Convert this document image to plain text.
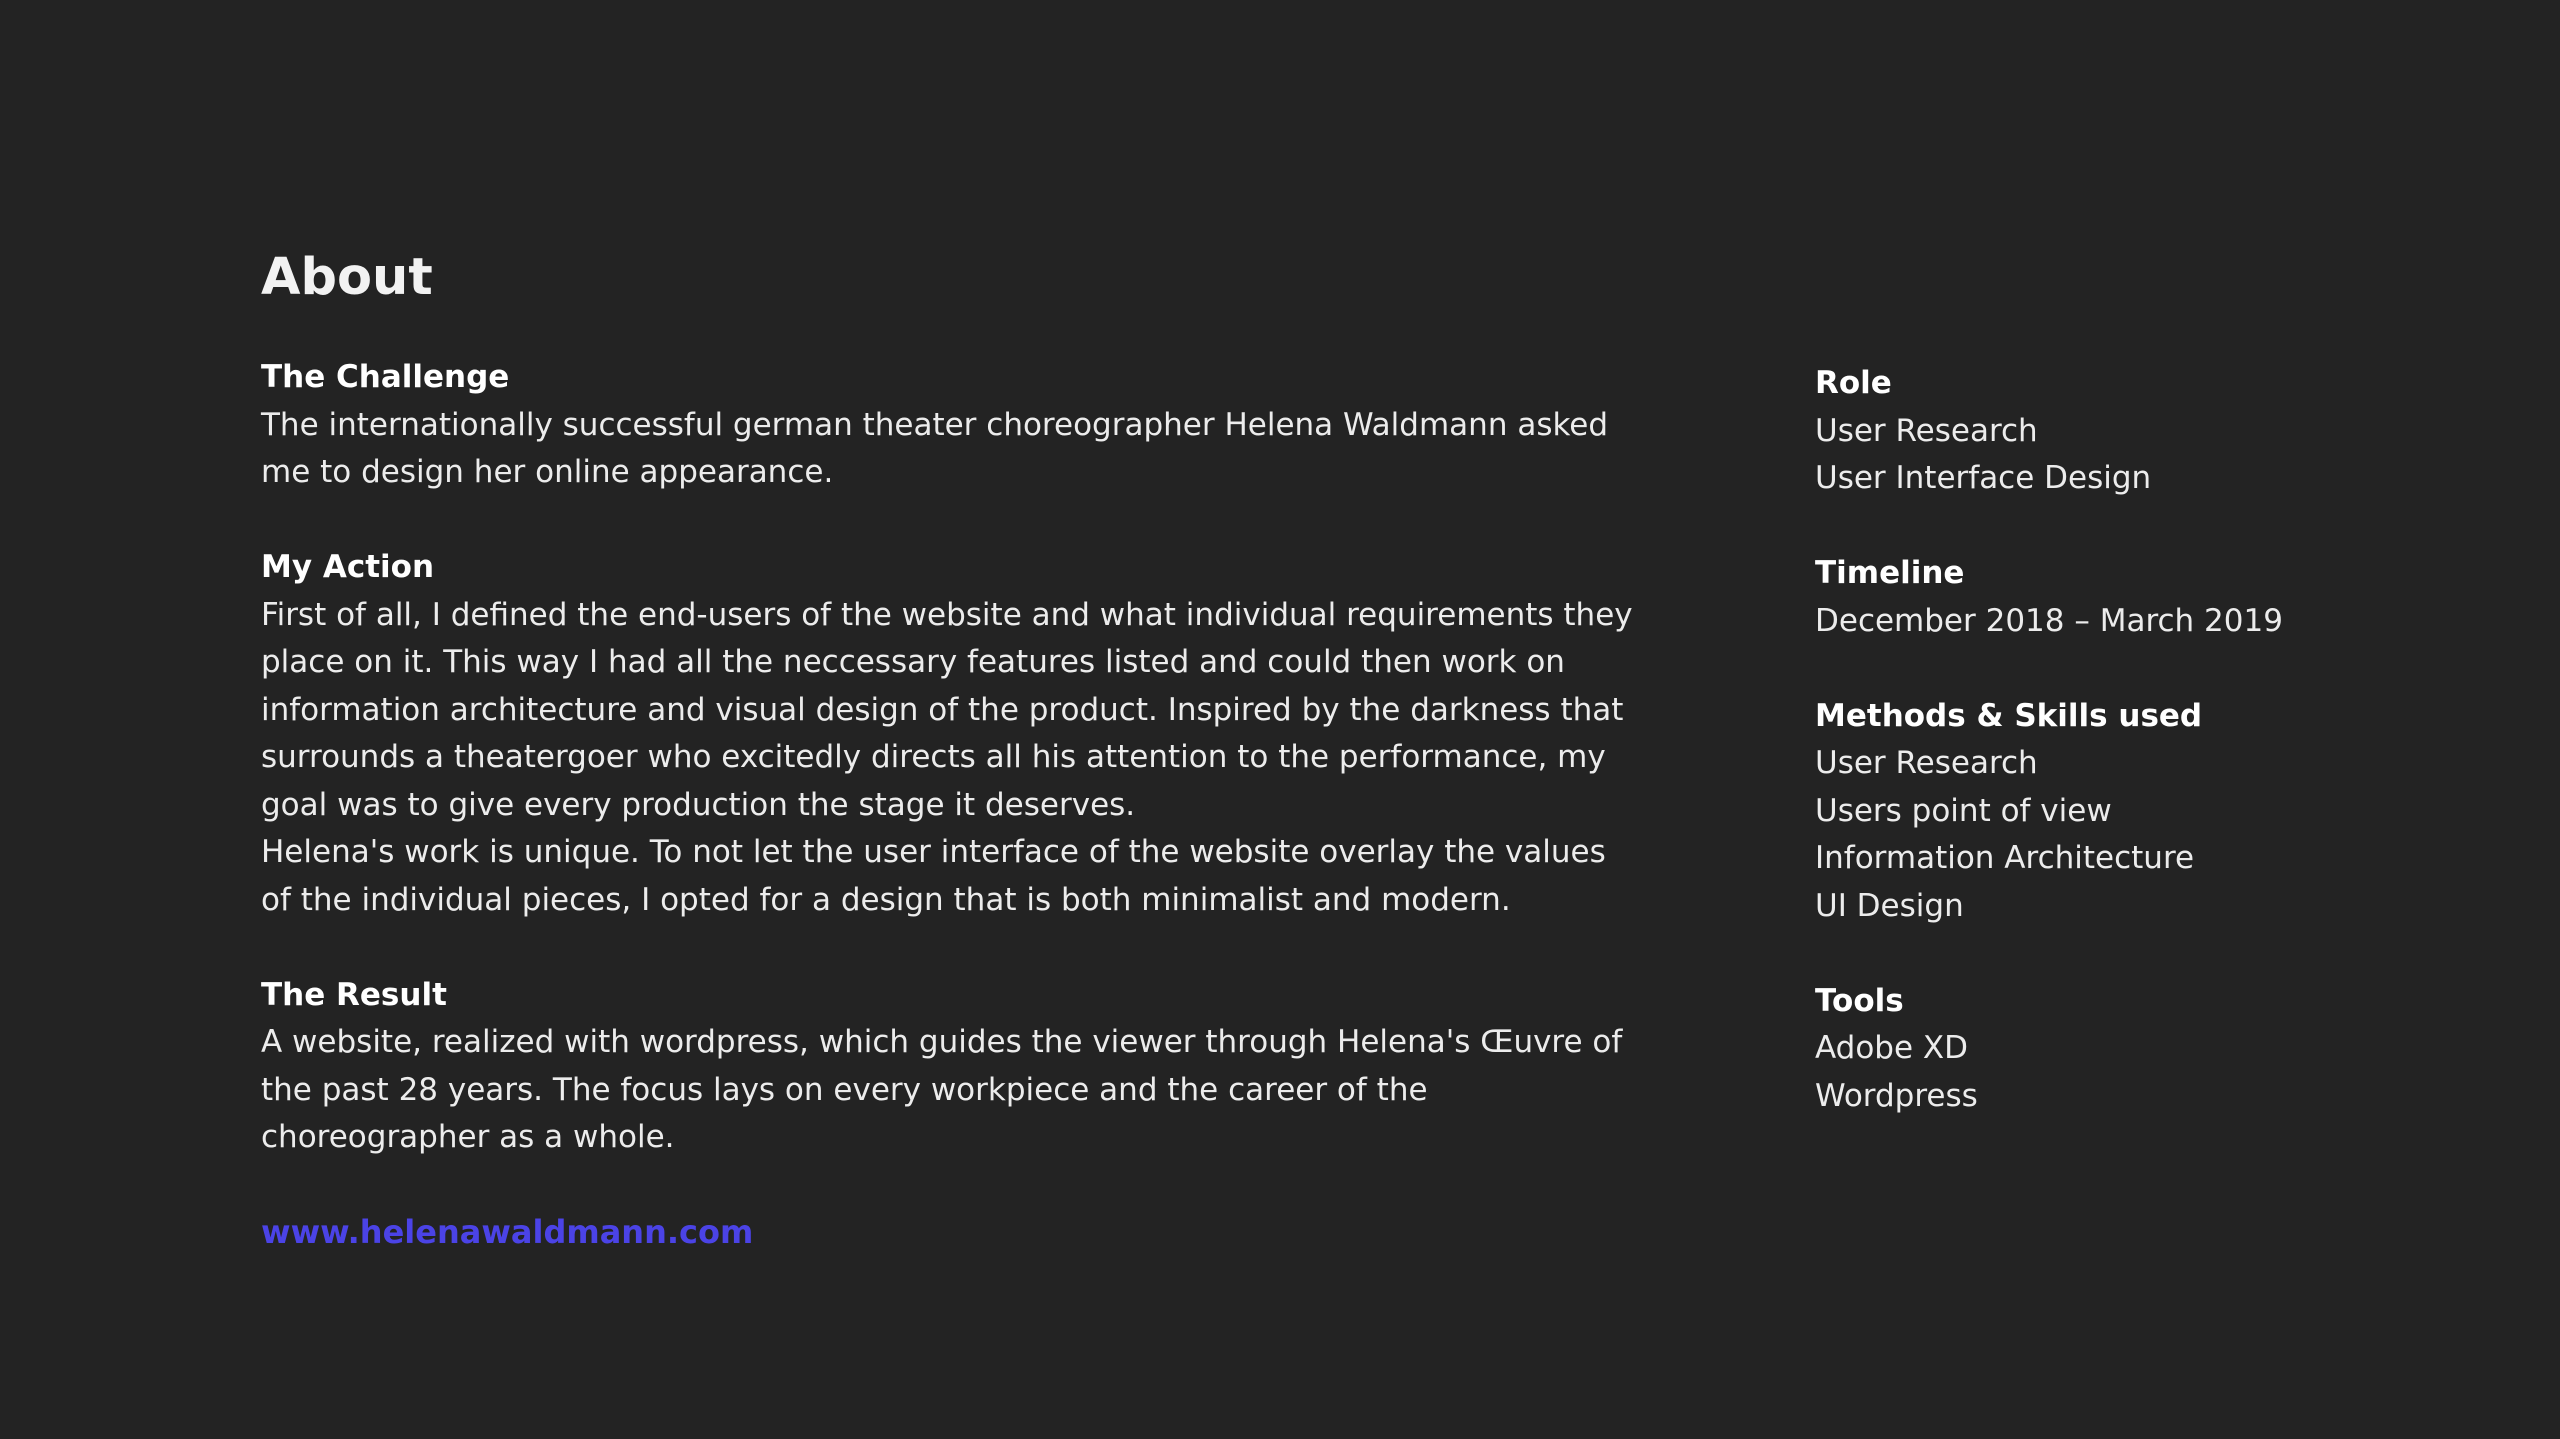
About
The Challenge

The internationally successful german theater choreographer Helena Waldmann asked me to design her online appearance.

My Action

First of all, I defined the end-users of the website and what individual requirements they place on it. This way I had all the neccessary features listed and could then work on information architecture and visual design of the product. Inspired by the darkness that surrounds a theatergoer who excitedly directs all his attention to the performance, my goal was to give every production the stage it deserves.

Helena's work is unique. To not let the user interface of the website overlay the values of the individual pieces, I opted for a design that is both minimalist and modern.

The Result

A website, realized with wordpress, which guides the viewer through Helena's Œuvre of the past 28 years. The focus lays on every workpiece and the career of the choreographer as a whole.

www.helenawaldmann.com
Role
User Research
User Interface Design
Timeline
December 2018 – March 2019
Methods & Skills used
User Research
Users point of view
Information Architecture
UI Design
Tools
Adobe XD
Wordpress
